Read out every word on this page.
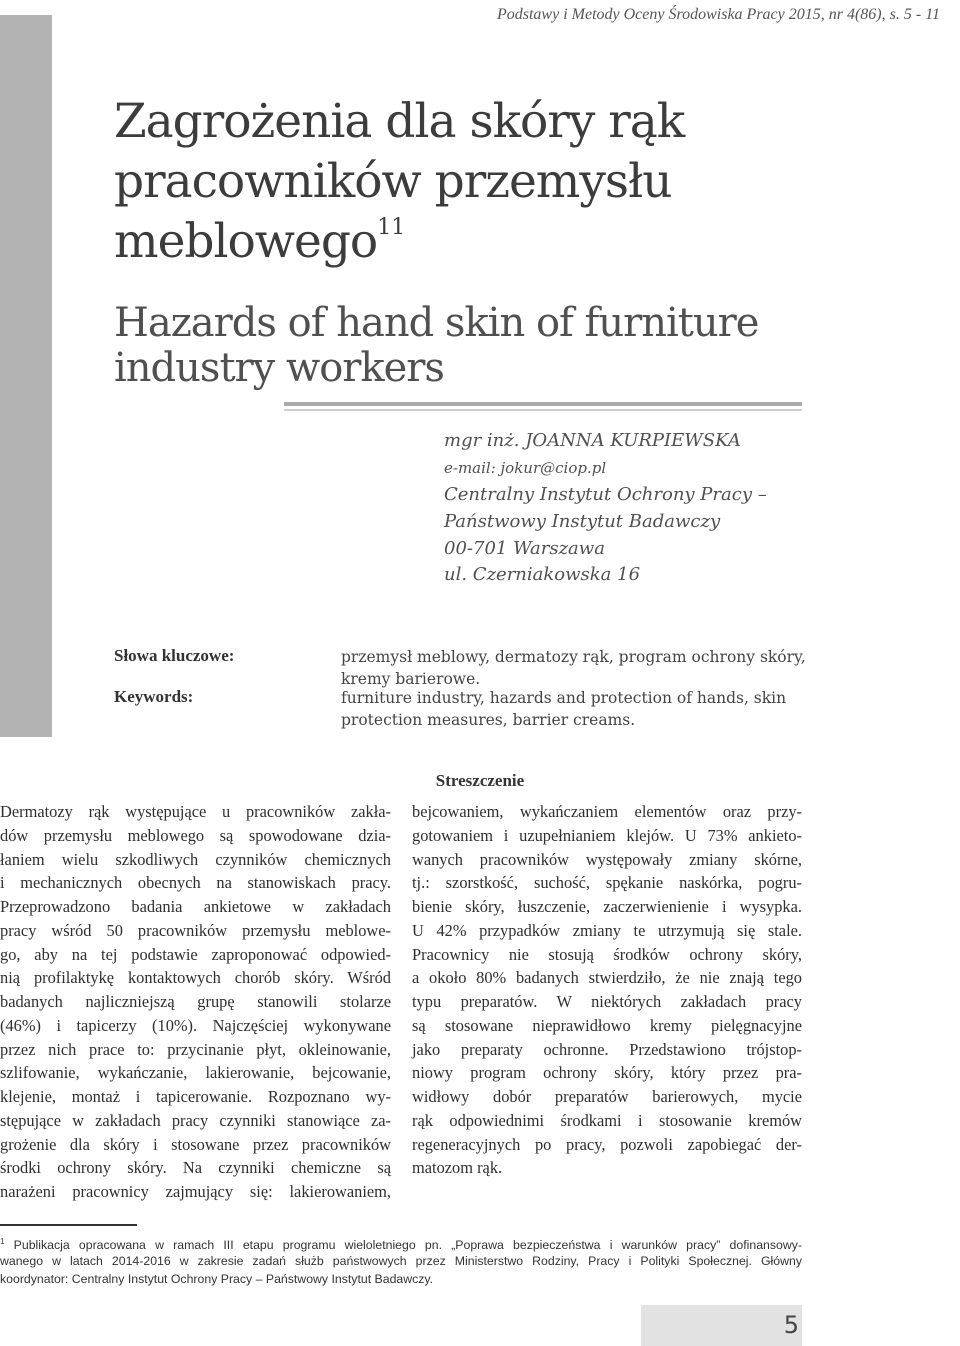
Podstawy i Metody Oceny Środowiska Pracy 2015, nr 4(86), s. 5 - 11
Zagrożenia dla skóry rąk
pracowników przemysłu
meblowego$^{11}$
Hazards of hand skin of furniture
industry workers
mgr inż. JOANNA KURPIEWSKA
e-mail: jokur@ciop.pl
Centralny Instytut Ochrony Pracy –
Państwowy Instytut Badawczy
00-701 Warszawa
ul. Czerniakowska 16
Słowa kluczowe:	przemysł meblowy, dermatozy rąk, program ochrony skóry,
kremy barierowe.
Keywords:	furniture industry, hazards and protection of hands, skin
protection measures, barrier creams.
Streszczenie
Dermatozy rąk występujące u pracowników zakła-
dów przemysłu meblowego są spowodowane dzia-
łaniem wielu szkodliwych czynników chemicznych
i mechanicznych obecnych na stanowiskach pracy.
Przeprowadzono badania ankietowe w zakładach
pracy wśród 50 pracowników przemysłu meblowe-
go, aby na tej podstawie zaproponować odpowied-
nią profilaktykę kontaktowych chorób skóry. Wśród
badanych najliczniejszą grupę stanowili stolarze
(46%) i tapicerzy (10%). Najczęściej wykonywane
przez nich prace to: przycinanie płyt, okleinowanie,
szlifowanie, wykańczanie, lakierowanie, bejcowanie,
klejenie, montaż i tapicerowanie. Rozpoznano wy-
stępujące w zakładach pracy czynniki stanowiące za-
grożenie dla skóry i stosowane przez pracowników
środki ochrony skóry. Na czynniki chemiczne są
narażeni pracownicy zajmujący się: lakierowaniem,
bejcowaniem, wykańczaniem elementów oraz przy-
gotowaniem i uzupełnianiem klejów. U 73% ankieto-
wanych pracowników występowały zmiany skórne,
tj.: szorstkość, suchość, spękanie naskórka, pogru-
bienie skóry, łuszczenie, zaczerwienienie i wysypka.
U 42% przypadków zmiany te utrzymują się stale.
Pracownicy nie stosują środków ochrony skóry,
a około 80% badanych stwierdziło, że nie znają tego
typu preparatów. W niektórych zakładach pracy
są stosowane nieprawidłowo kremy pielęgnacyjne
jako preparaty ochronne. Przedstawiono trójstop-
niowy program ochrony skóry, który przez pra-
widłowy dobór preparatów barierowych, mycie
rąk odpowiednimi środkami i stosowanie kremów
regeneracyjnych po pracy, pozwoli zapobiegać der-
matozom rąk.
$^1$ Publikacja opracowana w ramach III etapu programu wieloletniego pn. „Poprawa bezpieczeństwa i warunków pracy” dofinansowy-
wanego w latach 2014-2016 w zakresie zadań służb państwowych przez Ministerstwo Rodziny, Pracy i Polityki Społecznej. Główny
koordynator: Centralny Instytut Ochrony Pracy – Państwowy Instytut Badawczy.
5
